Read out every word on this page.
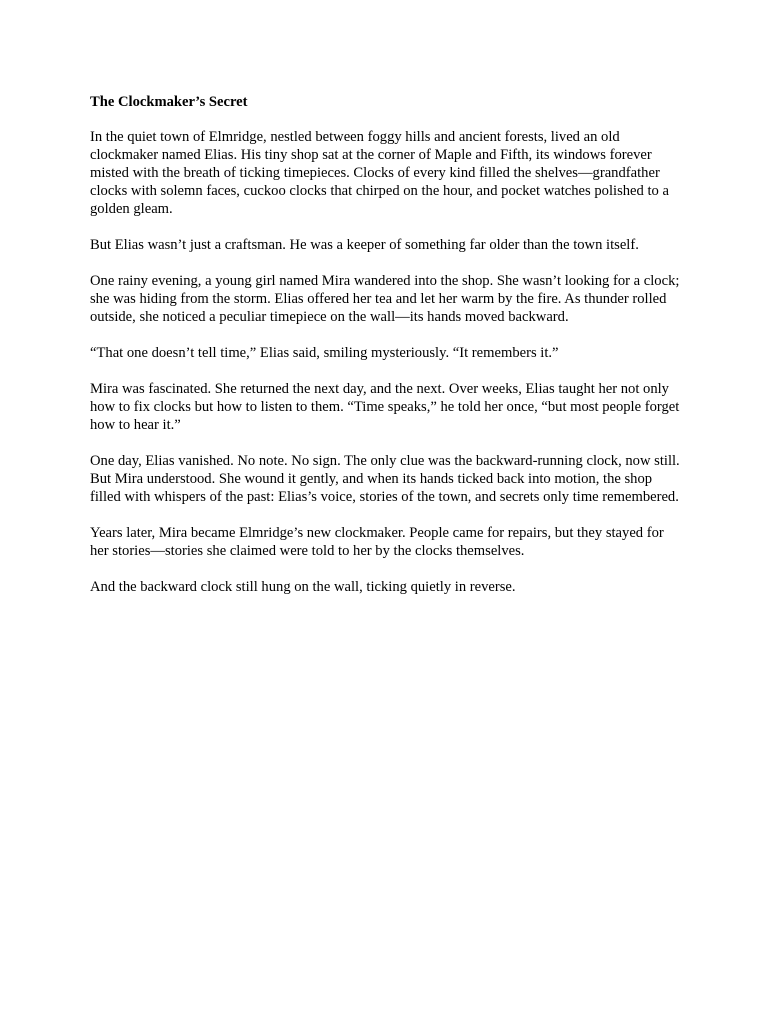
The Clockmaker’s Secret

In the quiet town of Elmridge, nestled between foggy hills and ancient forests, lived an old clockmaker named Elias. His tiny shop sat at the corner of Maple and Fifth, its windows forever misted with the breath of ticking timepieces. Clocks of every kind filled the shelves—grandfather clocks with solemn faces, cuckoo clocks that chirped on the hour, and pocket watches polished to a golden gleam.

But Elias wasn’t just a craftsman. He was a keeper of something far older than the town itself.

One rainy evening, a young girl named Mira wandered into the shop. She wasn’t looking for a clock; she was hiding from the storm. Elias offered her tea and let her warm by the fire. As thunder rolled outside, she noticed a peculiar timepiece on the wall—its hands moved backward.

“That one doesn’t tell time,” Elias said, smiling mysteriously. “It remembers it.”

Mira was fascinated. She returned the next day, and the next. Over weeks, Elias taught her not only how to fix clocks but how to listen to them. “Time speaks,” he told her once, “but most people forget how to hear it.”

One day, Elias vanished. No note. No sign. The only clue was the backward-running clock, now still. But Mira understood. She wound it gently, and when its hands ticked back into motion, the shop filled with whispers of the past: Elias’s voice, stories of the town, and secrets only time remembered.

Years later, Mira became Elmridge’s new clockmaker. People came for repairs, but they stayed for her stories—stories she claimed were told to her by the clocks themselves.

And the backward clock still hung on the wall, ticking quietly in reverse.
